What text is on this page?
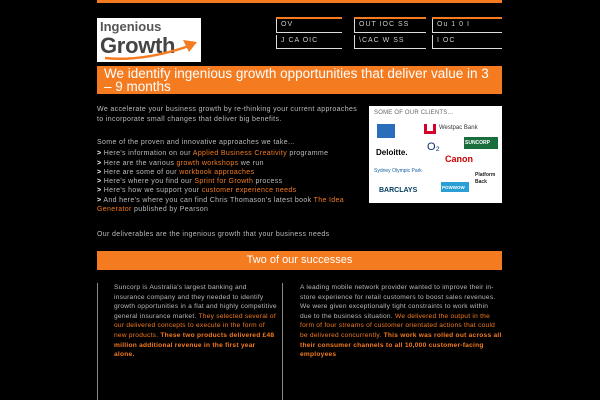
Ingenious
Growth
OV	OUT IOC SS	Ou 1 0 I
J CA OIC	\CAC W SS	I OC
We identify ingenious growth opportunities that deliver value in 3 – 9 months
We accelerate your business growth by re-thinking your current approaches to incorporate small changes that deliver big benefits.
Some of the proven and innovative approaches we take...
> Here's information on our Applied Business Creativity programme
> Here are the various growth workshops we run
> Here are some of our workbook approaches
> Here's where you find our Sprint for Growth process
> Here's how we support your customer experience needs
> And here's where you can find Chris Thomason's latest book The Idea Generator published by Pearson
Our deliverables are the ingenious growth that your business needs
SOME OF OUR CLIENTS...
Westpac Bank
Deloitte. O₂	SUNCORP
Canon
Sydney Olympic Park
BARCLAYS	POWWOW
Platform Back
Two of our successes
Suncorp is Australia's largest banking and insurance company and they needed to identify growth opportunities in a flat and highly competitive general insurance market. They selected several of our delivered concepts to execute in the form of new products. These two products delivered £48 million additional revenue in the first year alone.
A leading mobile network provider wanted to improve their in-store experience for retail customers to boost sales revenues. We were given exceptionally tight constraints to work within due to the business situation. We delivered the output in the form of four streams of customer orientated actions that could be delivered concurrently. This work was rolled out across all their consumer channels to all 10,000 customer-facing employees
